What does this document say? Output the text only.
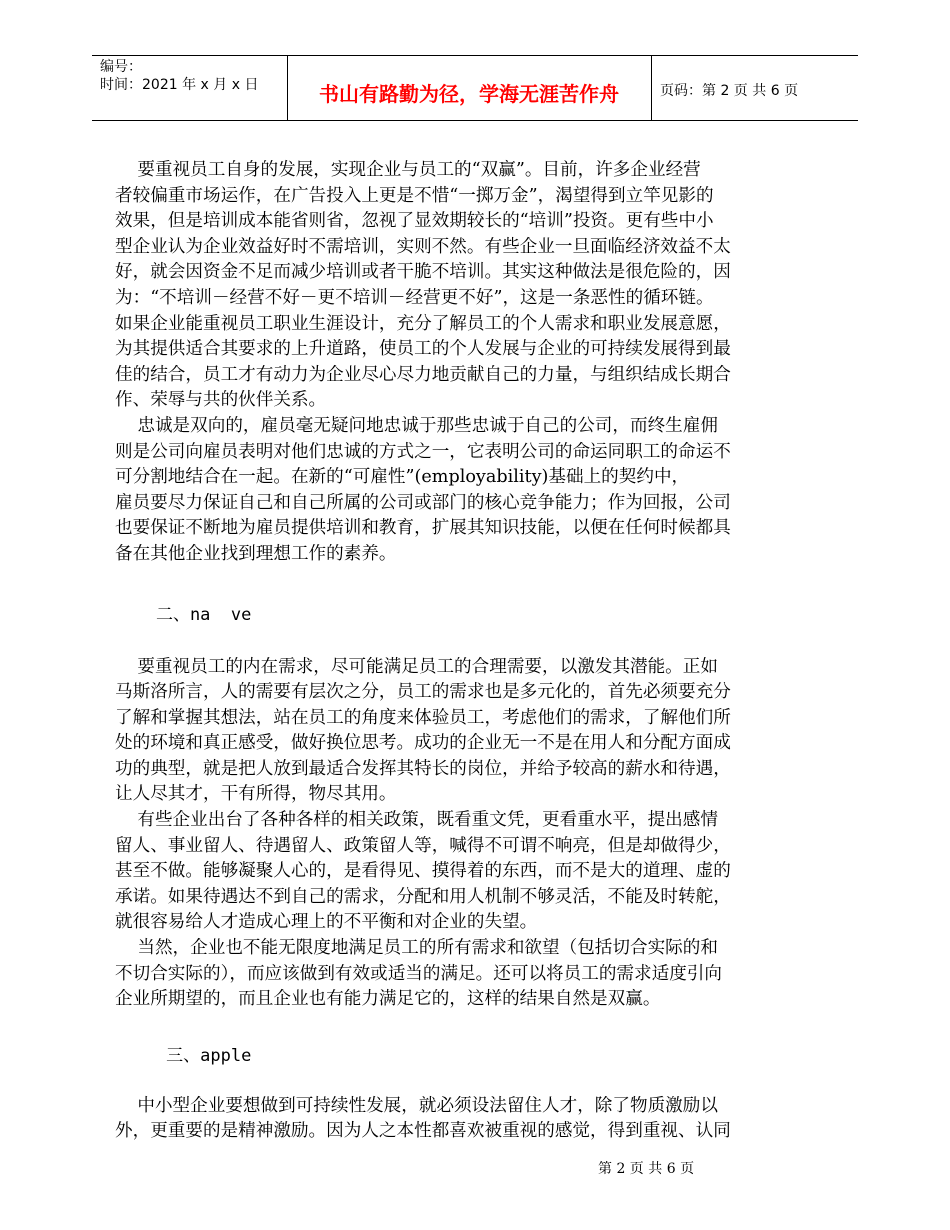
编号：
时间：2021 年 x 月 x 日	书山有路勤为径，学海无涯苦作舟	页码：第 2 页 共 6 页

要重视员工自身的发展，实现企业与员工的“双赢”。目前，许多企业经营
者较偏重市场运作，在广告投入上更是不惜“一掷万金”，渴望得到立竿见影的
效果，但是培训成本能省则省，忽视了显效期较长的“培训”投资。更有些中小
型企业认为企业效益好时不需培训，实则不然。有些企业一旦面临经济效益不太
好，就会因资金不足而减少培训或者干脆不培训。其实这种做法是很危险的，因
为：“不培训－经营不好－更不培训－经营更不好”，这是一条恶性的循环链。
如果企业能重视员工职业生涯设计，充分了解员工的个人需求和职业发展意愿，
为其提供适合其要求的上升道路，使员工的个人发展与企业的可持续发展得到最
佳的结合，员工才有动力为企业尽心尽力地贡献自己的力量，与组织结成长期合
作、荣辱与共的伙伴关系。

忠诚是双向的，雇员毫无疑问地忠诚于那些忠诚于自己的公司，而终生雇佣
则是公司向雇员表明对他们忠诚的方式之一，它表明公司的命运同职工的命运不
可分割地结合在一起。在新的“可雇性”(employability)基础上的契约中，
雇员要尽力保证自己和自己所属的公司或部门的核心竞争能力；作为回报，公司
也要保证不断地为雇员提供培训和教育，扩展其知识技能，以便在任何时候都具
备在其他企业找到理想工作的素养。

二、na  ve

要重视员工的内在需求，尽可能满足员工的合理需要，以激发其潜能。正如
马斯洛所言，人的需要有层次之分，员工的需求也是多元化的，首先必须要充分
了解和掌握其想法，站在员工的角度来体验员工，考虑他们的需求，了解他们所
处的环境和真正感受，做好换位思考。成功的企业无一不是在用人和分配方面成
功的典型，就是把人放到最适合发挥其特长的岗位，并给予较高的薪水和待遇，
让人尽其才，干有所得，物尽其用。

有些企业出台了各种各样的相关政策，既看重文凭，更看重水平，提出感情
留人、事业留人、待遇留人、政策留人等，喊得不可谓不响亮，但是却做得少，
甚至不做。能够凝聚人心的，是看得见、摸得着的东西，而不是大的道理、虚的
承诺。如果待遇达不到自己的需求，分配和用人机制不够灵活，不能及时转舵，
就很容易给人才造成心理上的不平衡和对企业的失望。

当然，企业也不能无限度地满足员工的所有需求和欲望（包括切合实际的和
不切合实际的），而应该做到有效或适当的满足。还可以将员工的需求适度引向
企业所期望的，而且企业也有能力满足它的，这样的结果自然是双赢。

三、apple

中小型企业要想做到可持续性发展，就必须设法留住人才，除了物质激励以
外，更重要的是精神激励。因为人之本性都喜欢被重视的感觉，得到重视、认同

第 2 页 共 6 页
